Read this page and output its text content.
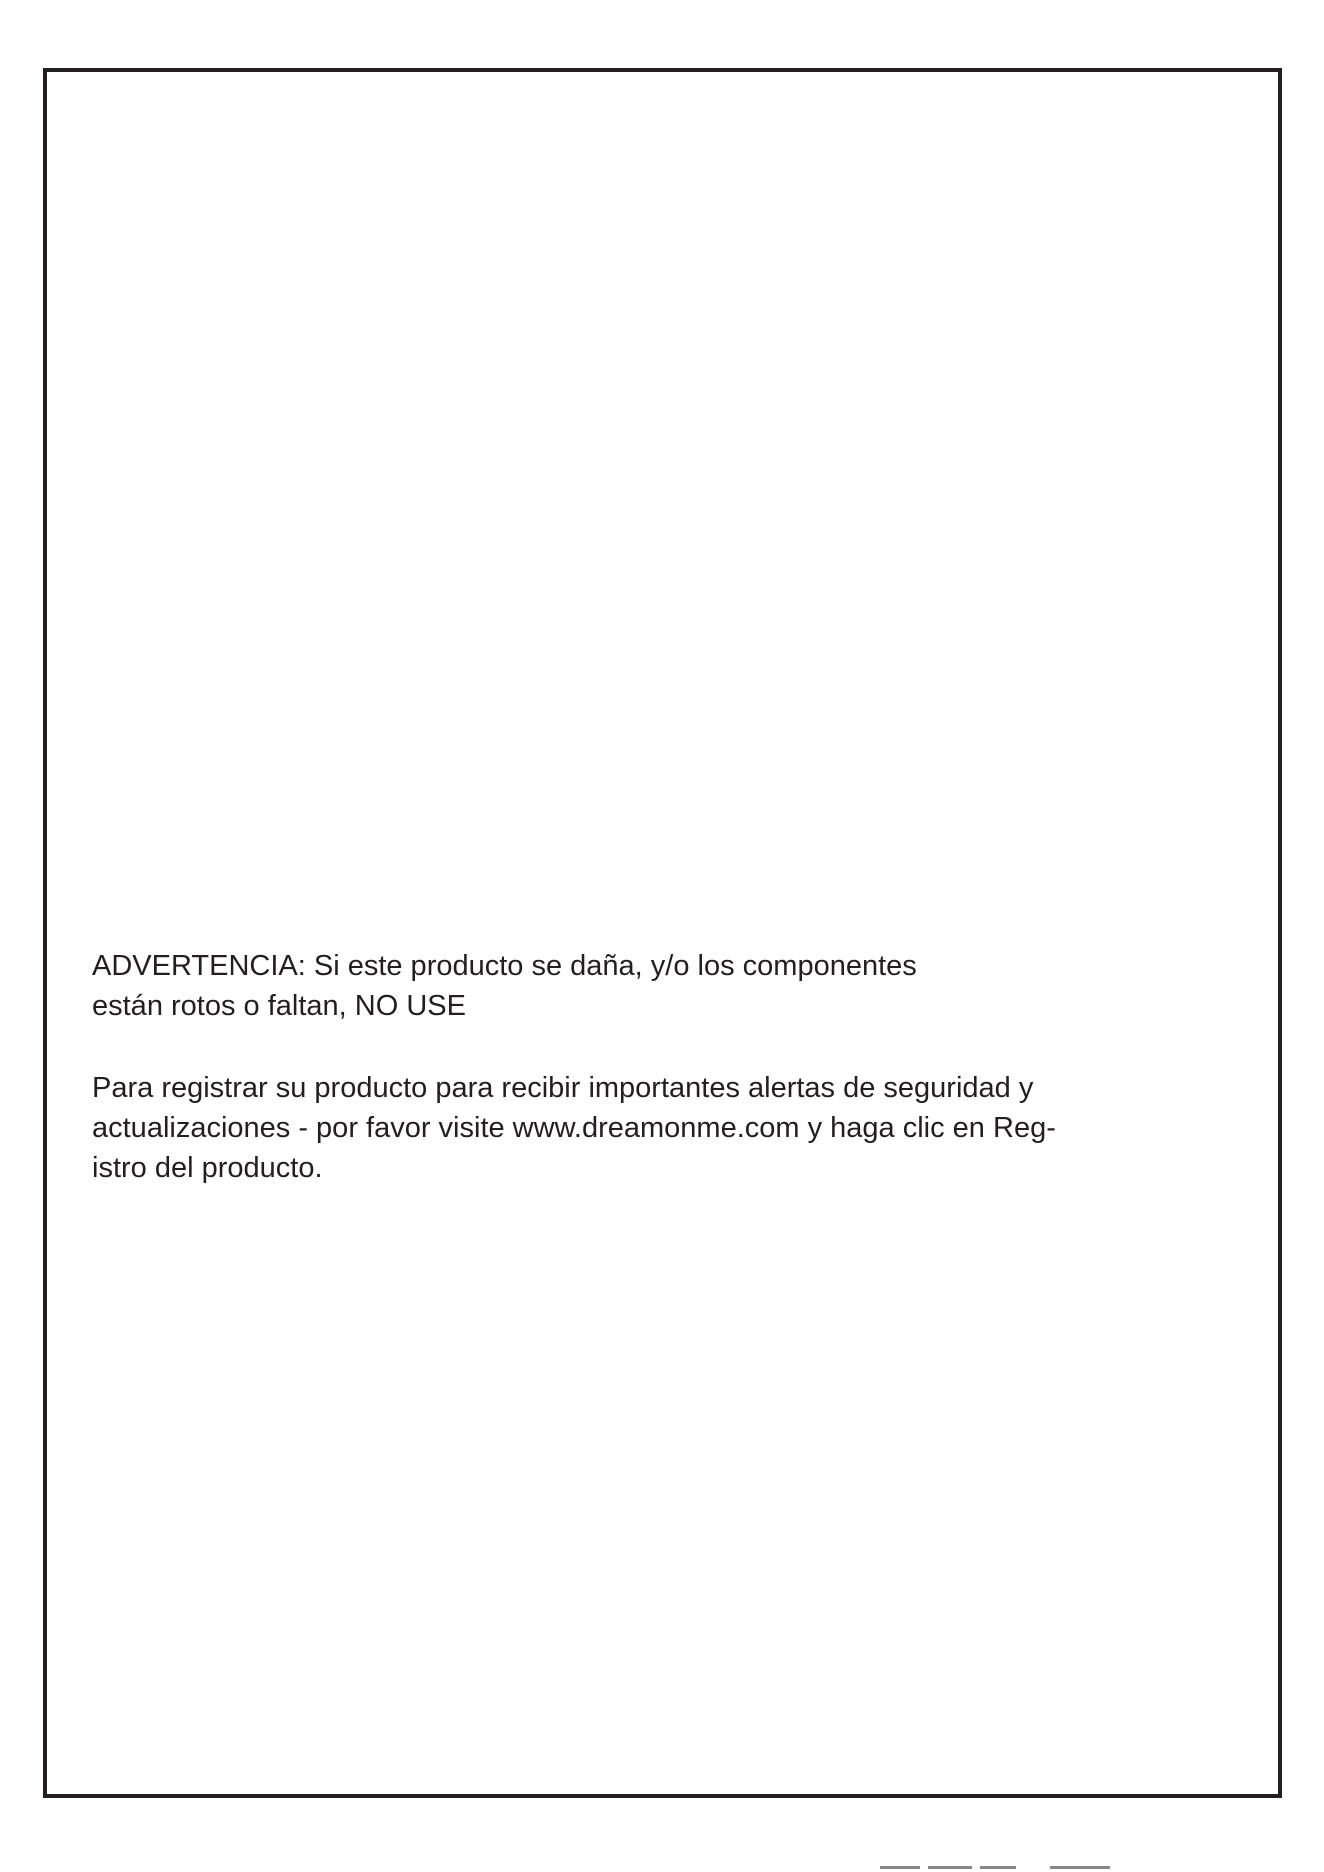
ADVERTENCIA: Si este producto se daña, y/o los componentes

están rotos o faltan, NO USE

Para registrar su producto para recibir importantes alertas de seguridad y

actualizaciones - por favor visite www.dreamonme.com y haga clic en Reg-

istro del producto.
